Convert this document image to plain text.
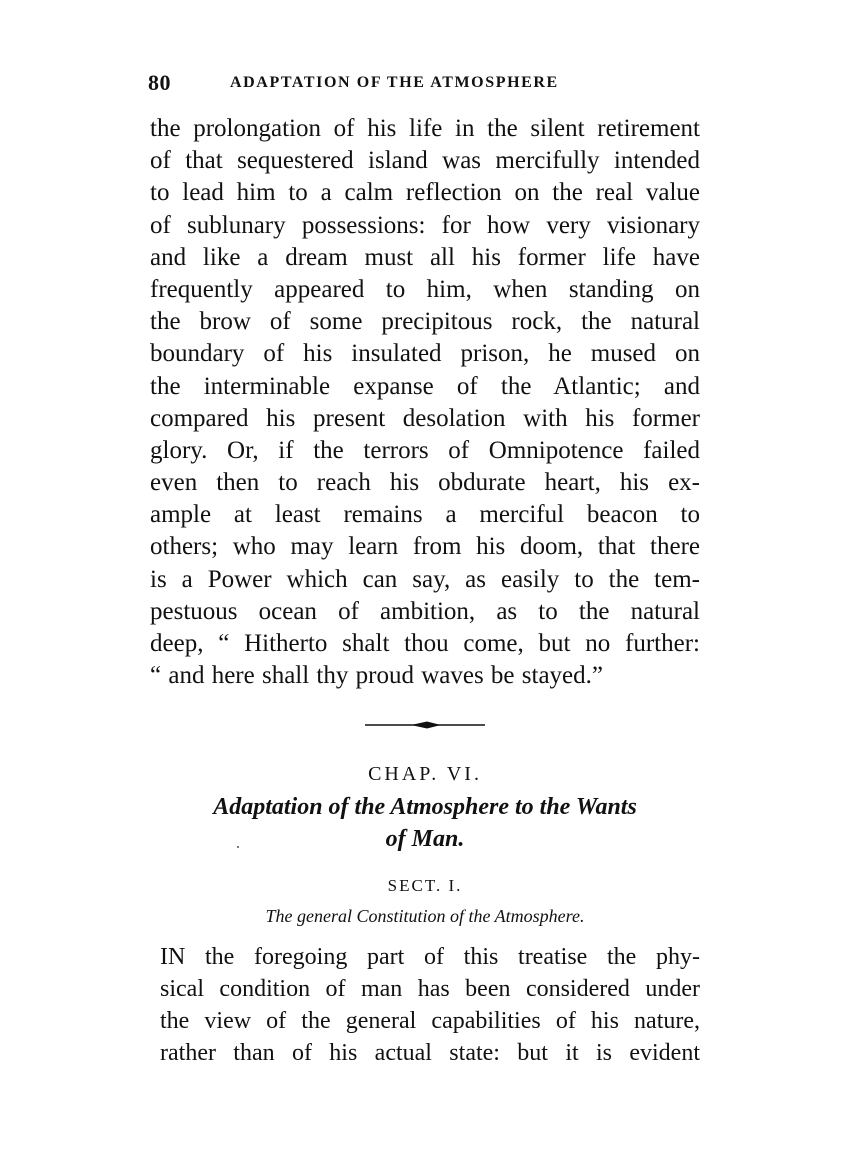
80	ADAPTATION OF THE ATMOSPHERE
the prolongation of his life in the silent retirement
of that sequestered island was mercifully intended
to lead him to a calm reflection on the real value
of sublunary possessions: for how very visionary
and like a dream must all his former life have
frequently appeared to him, when standing on
the brow of some precipitous rock, the natural
boundary of his insulated prison, he mused on
the interminable expanse of the Atlantic; and
compared his present desolation with his former
glory. Or, if the terrors of Omnipotence failed
even then to reach his obdurate heart, his ex-
ample at least remains a merciful beacon to
others; who may learn from his doom, that there
is a Power which can say, as easily to the tem-
pestuous ocean of ambition, as to the natural
deep, “ Hitherto shalt thou come, but no further:
“ and here shall thy proud waves be stayed.”
CHAP. VI.
Adaptation of the Atmosphere to the Wants
of Man.
SECT. I.
The general Constitution of the Atmosphere.
IN the foregoing part of this treatise the phy-
sical condition of man has been considered under
the view of the general capabilities of his nature,
rather than of his actual state: but it is evident
